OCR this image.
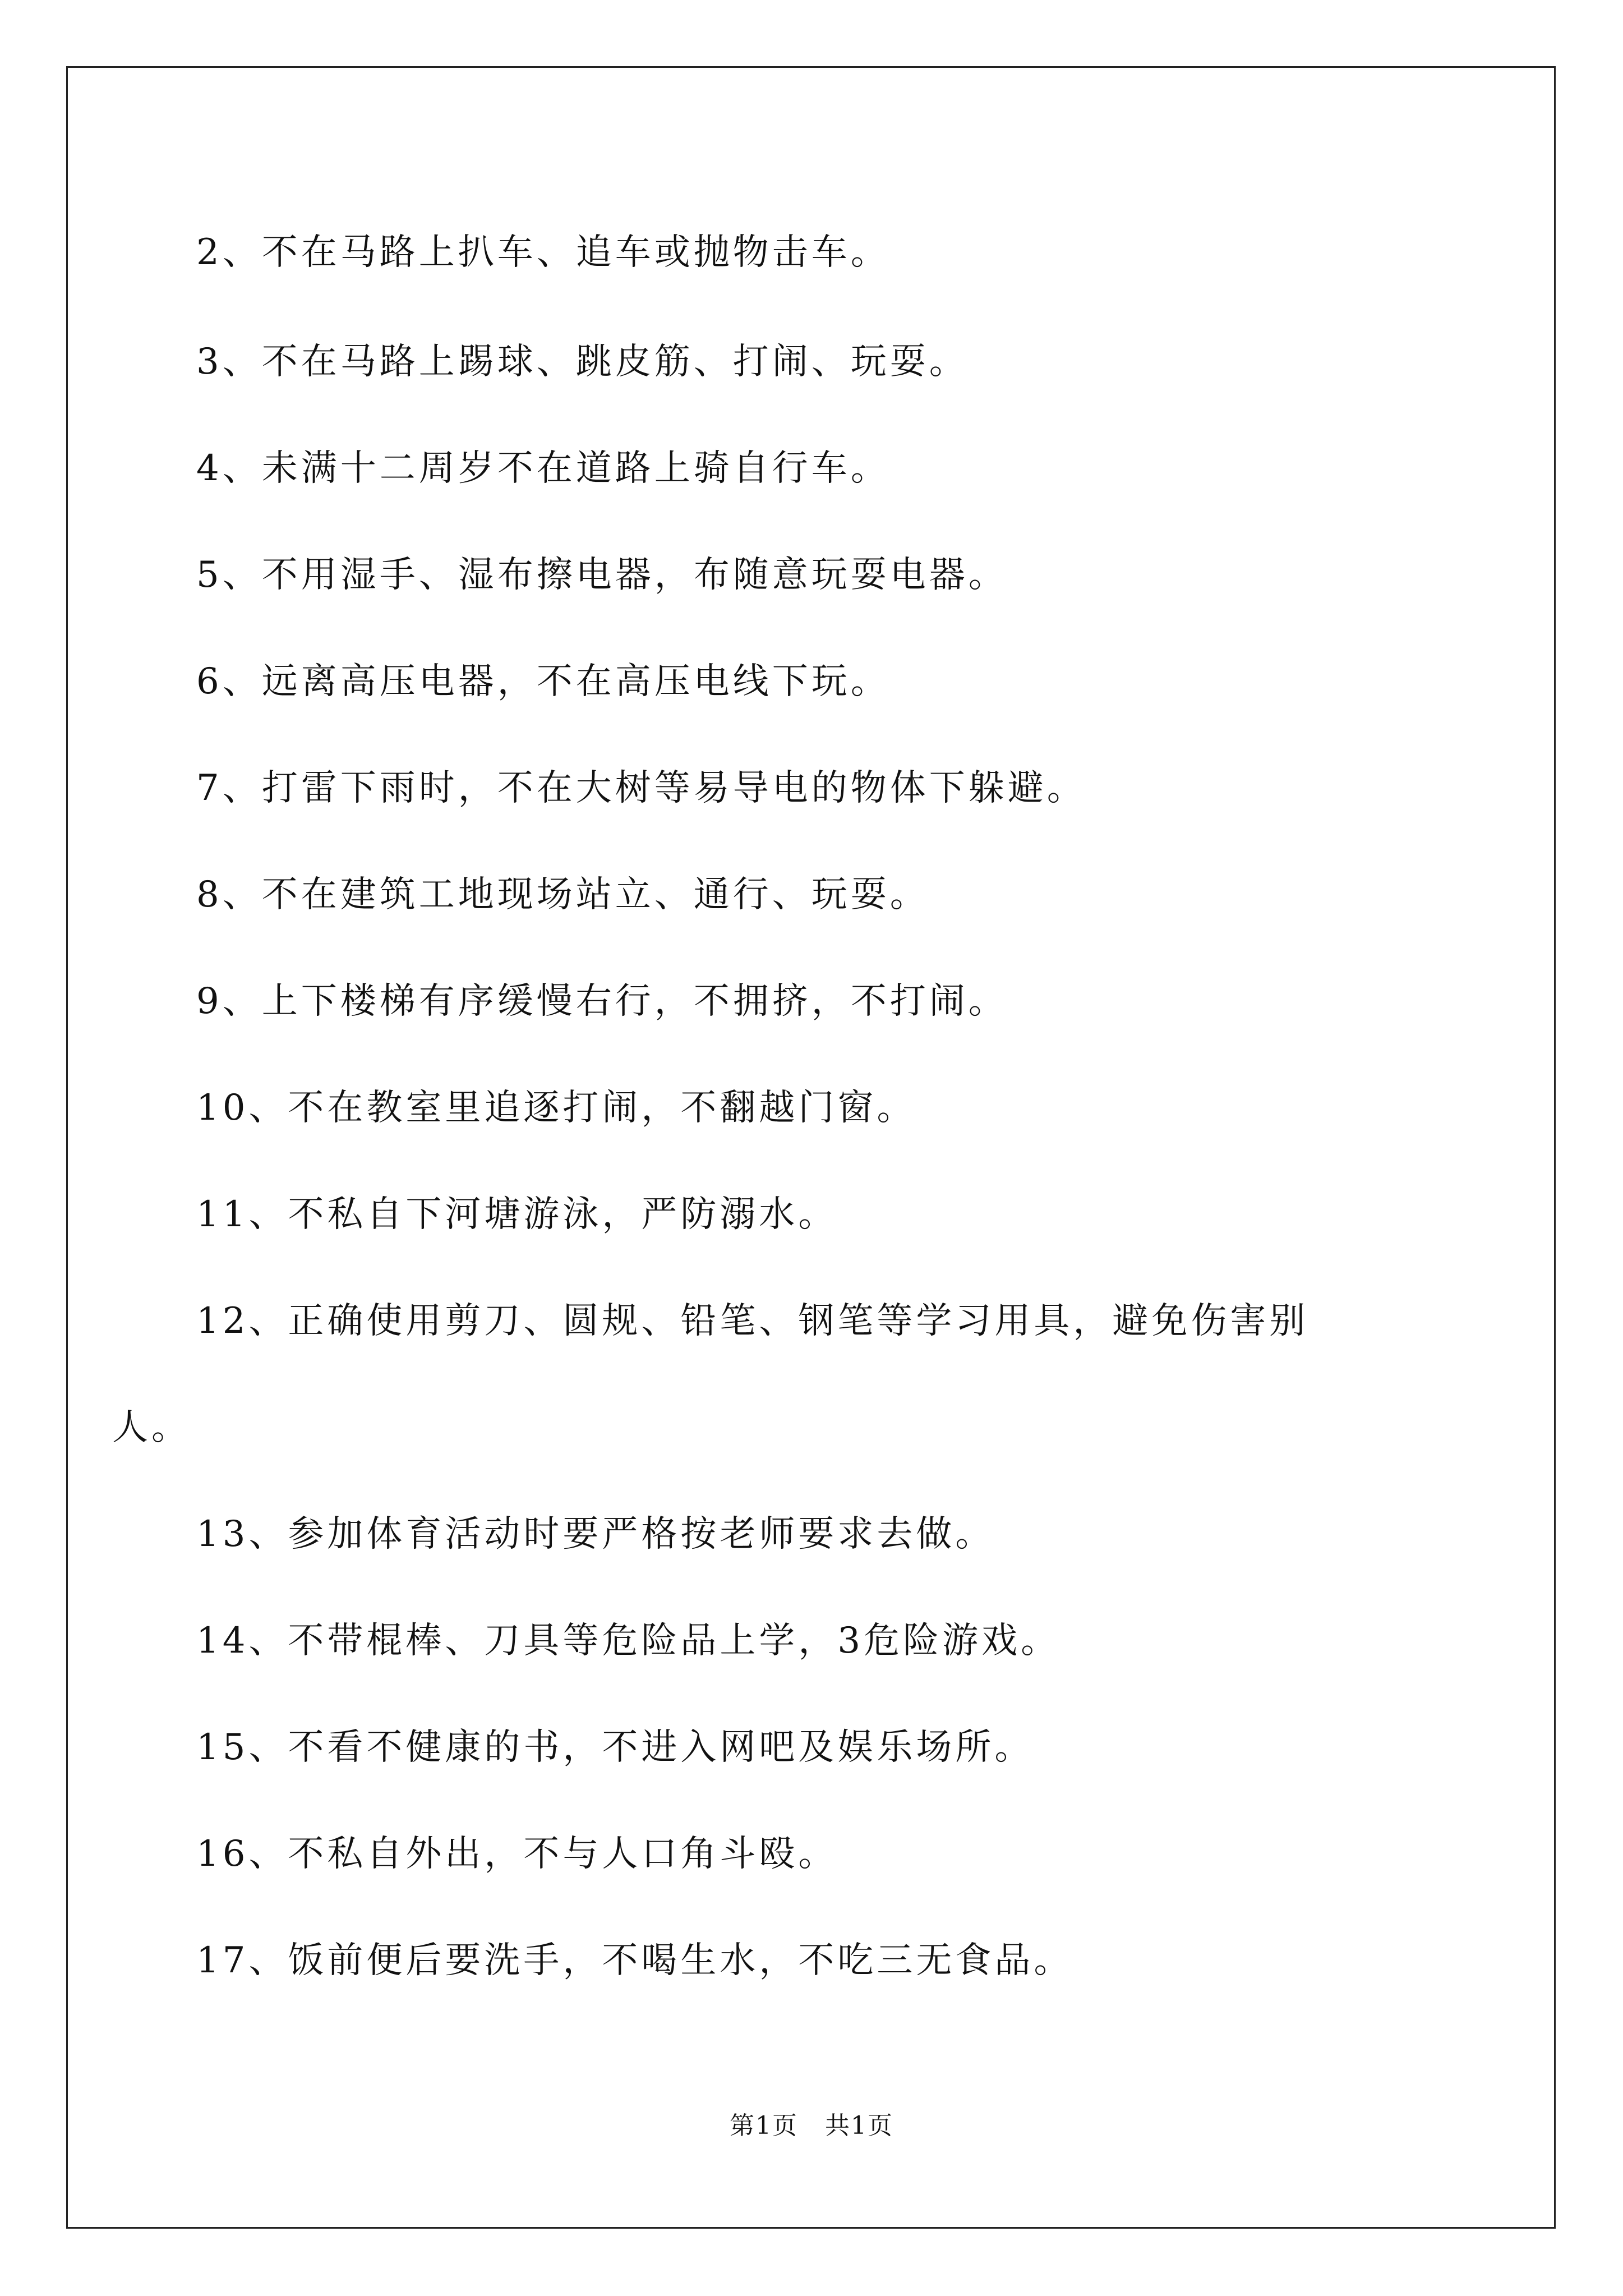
2、不在马路上扒车、追车或抛物击车。
3、不在马路上踢球、跳皮筋、打闹、玩耍。
4、未满十二周岁不在道路上骑自行车。
5、不用湿手、湿布擦电器，布随意玩耍电器。
6、远离高压电器，不在高压电线下玩。
7、打雷下雨时，不在大树等易导电的物体下躲避。
8、不在建筑工地现场站立、通行、玩耍。
9、上下楼梯有序缓慢右行，不拥挤，不打闹。
10、不在教室里追逐打闹，不翻越门窗。
11、不私自下河塘游泳，严防溺水。
12、正确使用剪刀、圆规、铅笔、钢笔等学习用具，避免伤害别
人。
13、参加体育活动时要严格按老师要求去做。
14、不带棍棒、刀具等危险品上学，3危险游戏。
15、不看不健康的书，不进入网吧及娱乐场所。
16、不私自外出，不与人口角斗殴。
17、饭前便后要洗手，不喝生水，不吃三无食品。
第1页 共1页
